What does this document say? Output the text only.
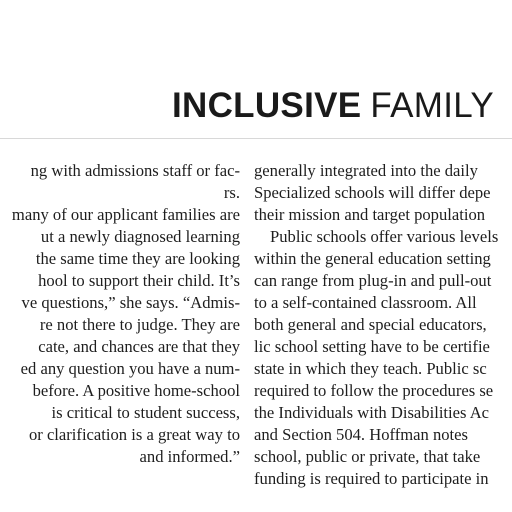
INCLUSIVE FAMILY
ng with admissions staff or fac-
rs.
many of our applicant families are
ut a newly diagnosed learning
the same time they are looking
hool to support their child. It’s
ve questions,” she says. “Admis-
re not there to judge. They are
cate, and chances are that they
ed any question you have a num-
before. A positive home-school
is critical to student success,
or clarification is a great way to
and informed.”
generally integrated into the daily
Specialized schools will differ depe
their mission and target population
Public schools offer various levels
within the general education setting
can range from plug-in and pull-out
to a self-contained classroom. All
both general and special educators,
lic school setting have to be certifie
state in which they teach. Public sc
required to follow the procedures se
the Individuals with Disabilities Ac
and Section 504. Hoffman notes
school, public or private, that take
funding is required to participate in
